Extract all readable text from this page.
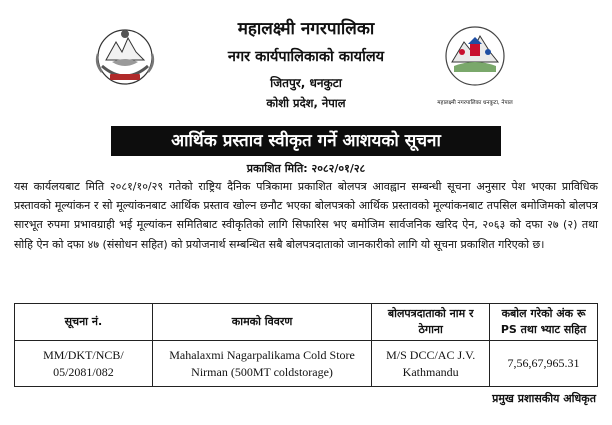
महालक्ष्मी नगरपालिका धनकुटा, नेपाल
महालक्ष्मी नगरपालिका
नगर कार्यपालिकाको कार्यालय
जितपुर, धनकुटा
कोशी प्रदेश, नेपाल
आर्थिक प्रस्ताव स्वीकृत गर्ने आशयको सूचना
प्रकाशित मिति: २०८२/०१/२८

यस कार्यलयबाट मिति २०८१/१०/२९ गतेको राष्ट्रिय दैनिक पत्रिकामा प्रकाशित बोलपत्र आवह्वान सम्बन्धी सूचना अनुसार पेश भएका प्राविधिक प्रस्तावको मूल्यांकन र सो मूल्यांकनबाट आर्थिक प्रस्ताव खोल्न छनौट भएका बोलपत्रको आर्थिक प्रस्तावको मूल्यांकनबाट तपसिल बमोजिमको बोलपत्र सारभूत रुपमा प्रभावग्राही भई मूल्यांकन समितिबाट स्वीकृतिको लागि सिफारिस भए बमोजिम सार्वजनिक खरिद ऐन, २०६३ को दफा २७ (२) तथा सोहि ऐन को दफा ४७ (संसोधन सहित) को प्रयोजनार्थ सम्बन्धित सबै बोलपत्रदाताको जानकारीको लागि यो सूचना प्रकाशित गरिएको छ।

सूचना नं.	कामको विवरण	बोलपत्रदाताको नाम र ठेगाना	कबोल गरेको अंक रू PS तथा भ्याट सहित
MM/DKT/NCB/ 05/2081/082	Mahalaxmi Nagarpalikama Cold Store Nirman (500MT coldstorage)	M/S DCC/AC J.V. Kathmandu	7,56,67,965.31
प्रमुख प्रशासकीय अधिकृत
